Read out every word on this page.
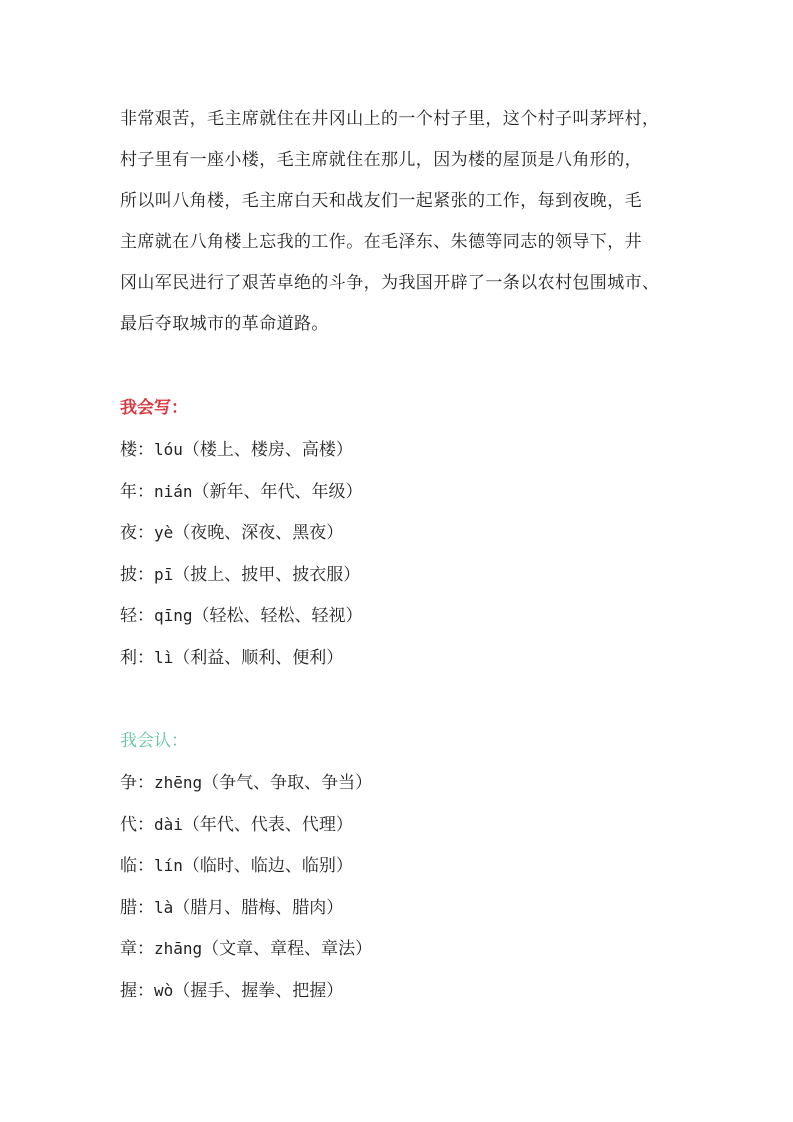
非常艰苦，毛主席就住在井冈山上的一个村子里，这个村子叫茅坪村，
村子里有一座小楼，毛主席就住在那儿，因为楼的屋顶是八角形的，
所以叫八角楼，毛主席白天和战友们一起紧张的工作，每到夜晚，毛
主席就在八角楼上忘我的工作。在毛泽东、朱德等同志的领导下，井
冈山军民进行了艰苦卓绝的斗争，为我国开辟了一条以农村包围城市、
最后夺取城市的革命道路。
我会写：
楼：lóu（楼上、楼房、高楼）
年：nián（新年、年代、年级）
夜：yè（夜晚、深夜、黑夜）
披：pī（披上、披甲、披衣服）
轻：qīng（轻松、轻松、轻视）
利：lì（利益、顺利、便利）
我会认：
争：zhēng（争气、争取、争当）
代：dài（年代、代表、代理）
临：lín（临时、临边、临别）
腊：là（腊月、腊梅、腊肉）
章：zhāng（文章、章程、章法）
握：wò（握手、握拳、把握）
